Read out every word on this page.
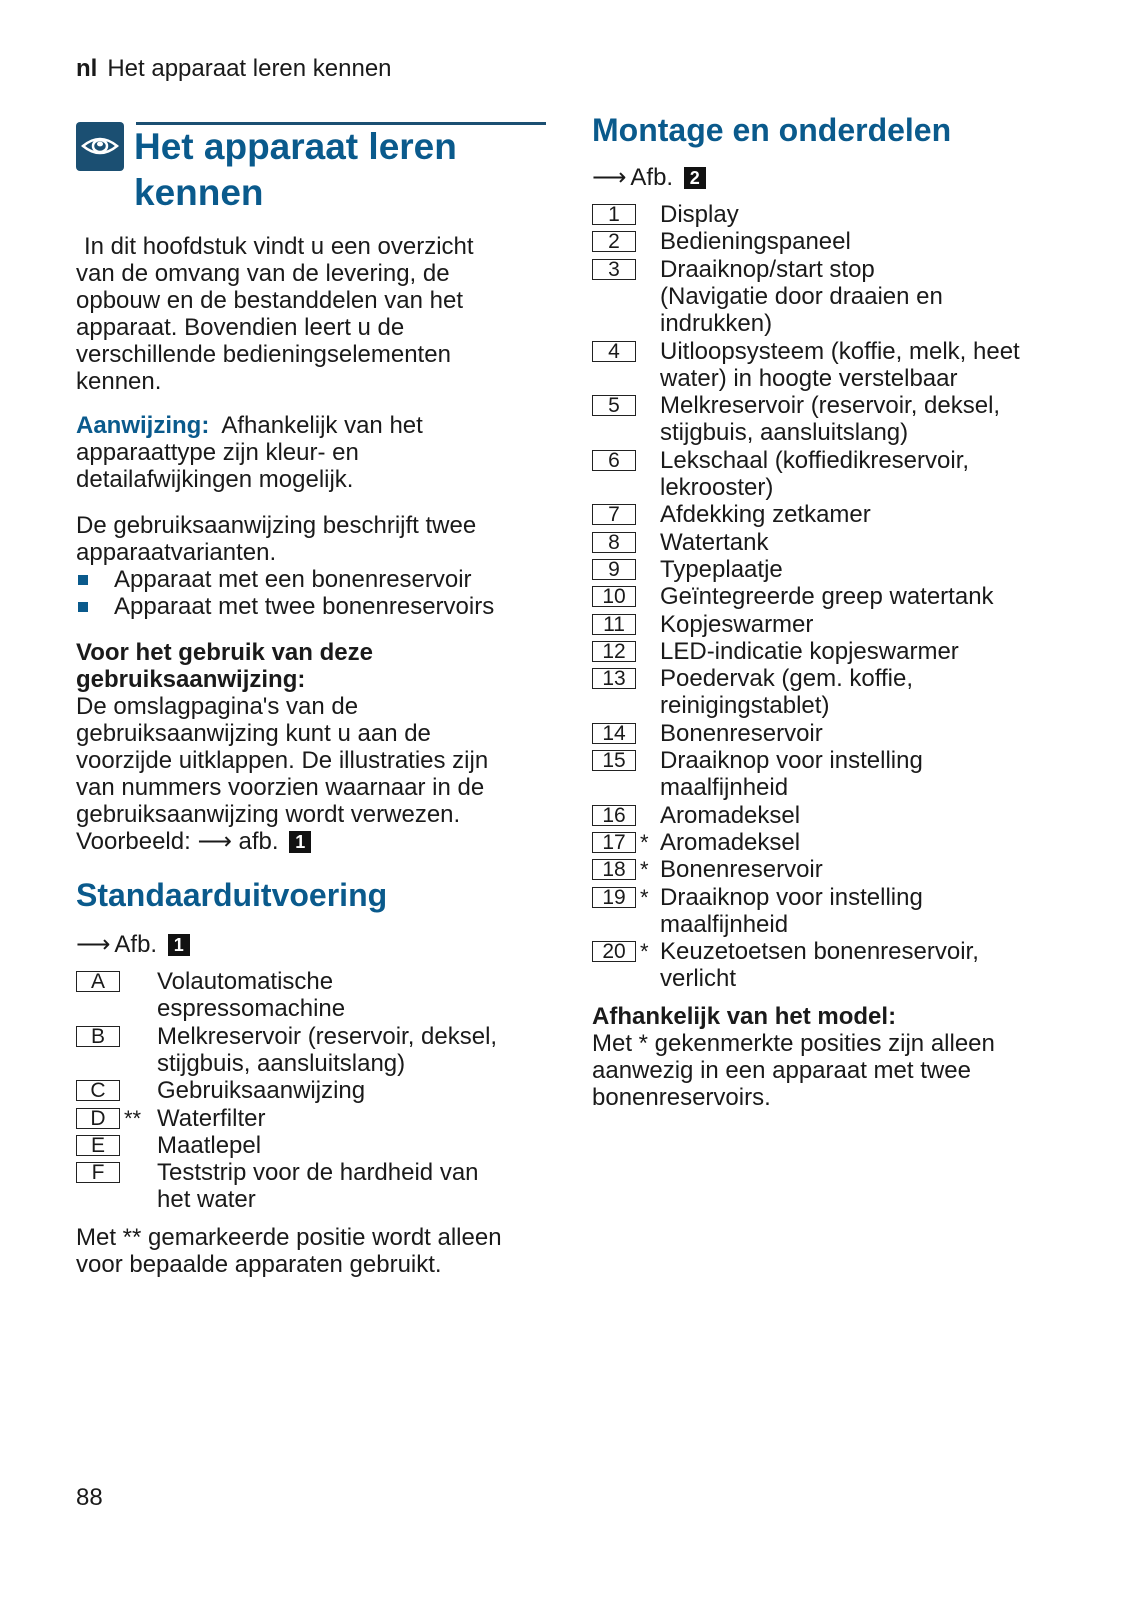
nl Het apparaat leren kennen
Het apparaat leren
kennen
In dit hoofdstuk vindt u een overzicht
van de omvang van de levering, de
opbouw en de bestanddelen van het
apparaat. Bovendien leert u de
verschillende bedieningselementen
kennen.
Aanwijzing: Afhankelijk van het
apparaattype zijn kleur- en
detailafwijkingen mogelijk.
De gebruiksaanwijzing beschrijft twee
apparaatvarianten.
Apparaat met een bonenreservoir
Apparaat met twee bonenreservoirs
Voor het gebruik van deze
gebruiksaanwijzing:
De omslagpagina's van de
gebruiksaanwijzing kunt u aan de
voorzijde uitklappen. De illustraties zijn
van nummers voorzien waarnaar in de
gebruiksaanwijzing wordt verwezen.
Voorbeeld: ⟶ afb. 1
Standaarduitvoering
⟶ Afb. 1
A	Volautomatische
espressomachine
B	Melkreservoir (reservoir, deksel,
stijgbuis, aansluitslang)
C	Gebruiksaanwijzing
D ** Waterfilter
E	Maatlepel
F	Teststrip voor de hardheid van
het water
Met ** gemarkeerde positie wordt alleen
voor bepaalde apparaten gebruikt.
Montage en onderdelen
⟶ Afb. 2
1	Display
2	Bedieningspaneel
3	Draaiknop/start stop
(Navigatie door draaien en
indrukken)
4	Uitloopsysteem (koffie, melk, heet
water) in hoogte verstelbaar
5	Melkreservoir (reservoir, deksel,
stijgbuis, aansluitslang)
6	Lekschaal (koffiedikreservoir,
lekrooster)
7	Afdekking zetkamer
8	Watertank
9	Typeplaatje
10	Geïntegreerde greep watertank
11	Kopjeswarmer
12	LED-indicatie kopjeswarmer
13	Poedervak (gem. koffie,
reinigingstablet)
14	Bonenreservoir
15	Draaiknop voor instelling
maalfijnheid
16	Aromadeksel
17 * Aromadeksel
18 * Bonenreservoir
19 * Draaiknop voor instelling
maalfijnheid
20 * Keuzetoetsen bonenreservoir,
verlicht
Afhankelijk van het model:
Met * gekenmerkte posities zijn alleen
aanwezig in een apparaat met twee
bonenreservoirs.
88
